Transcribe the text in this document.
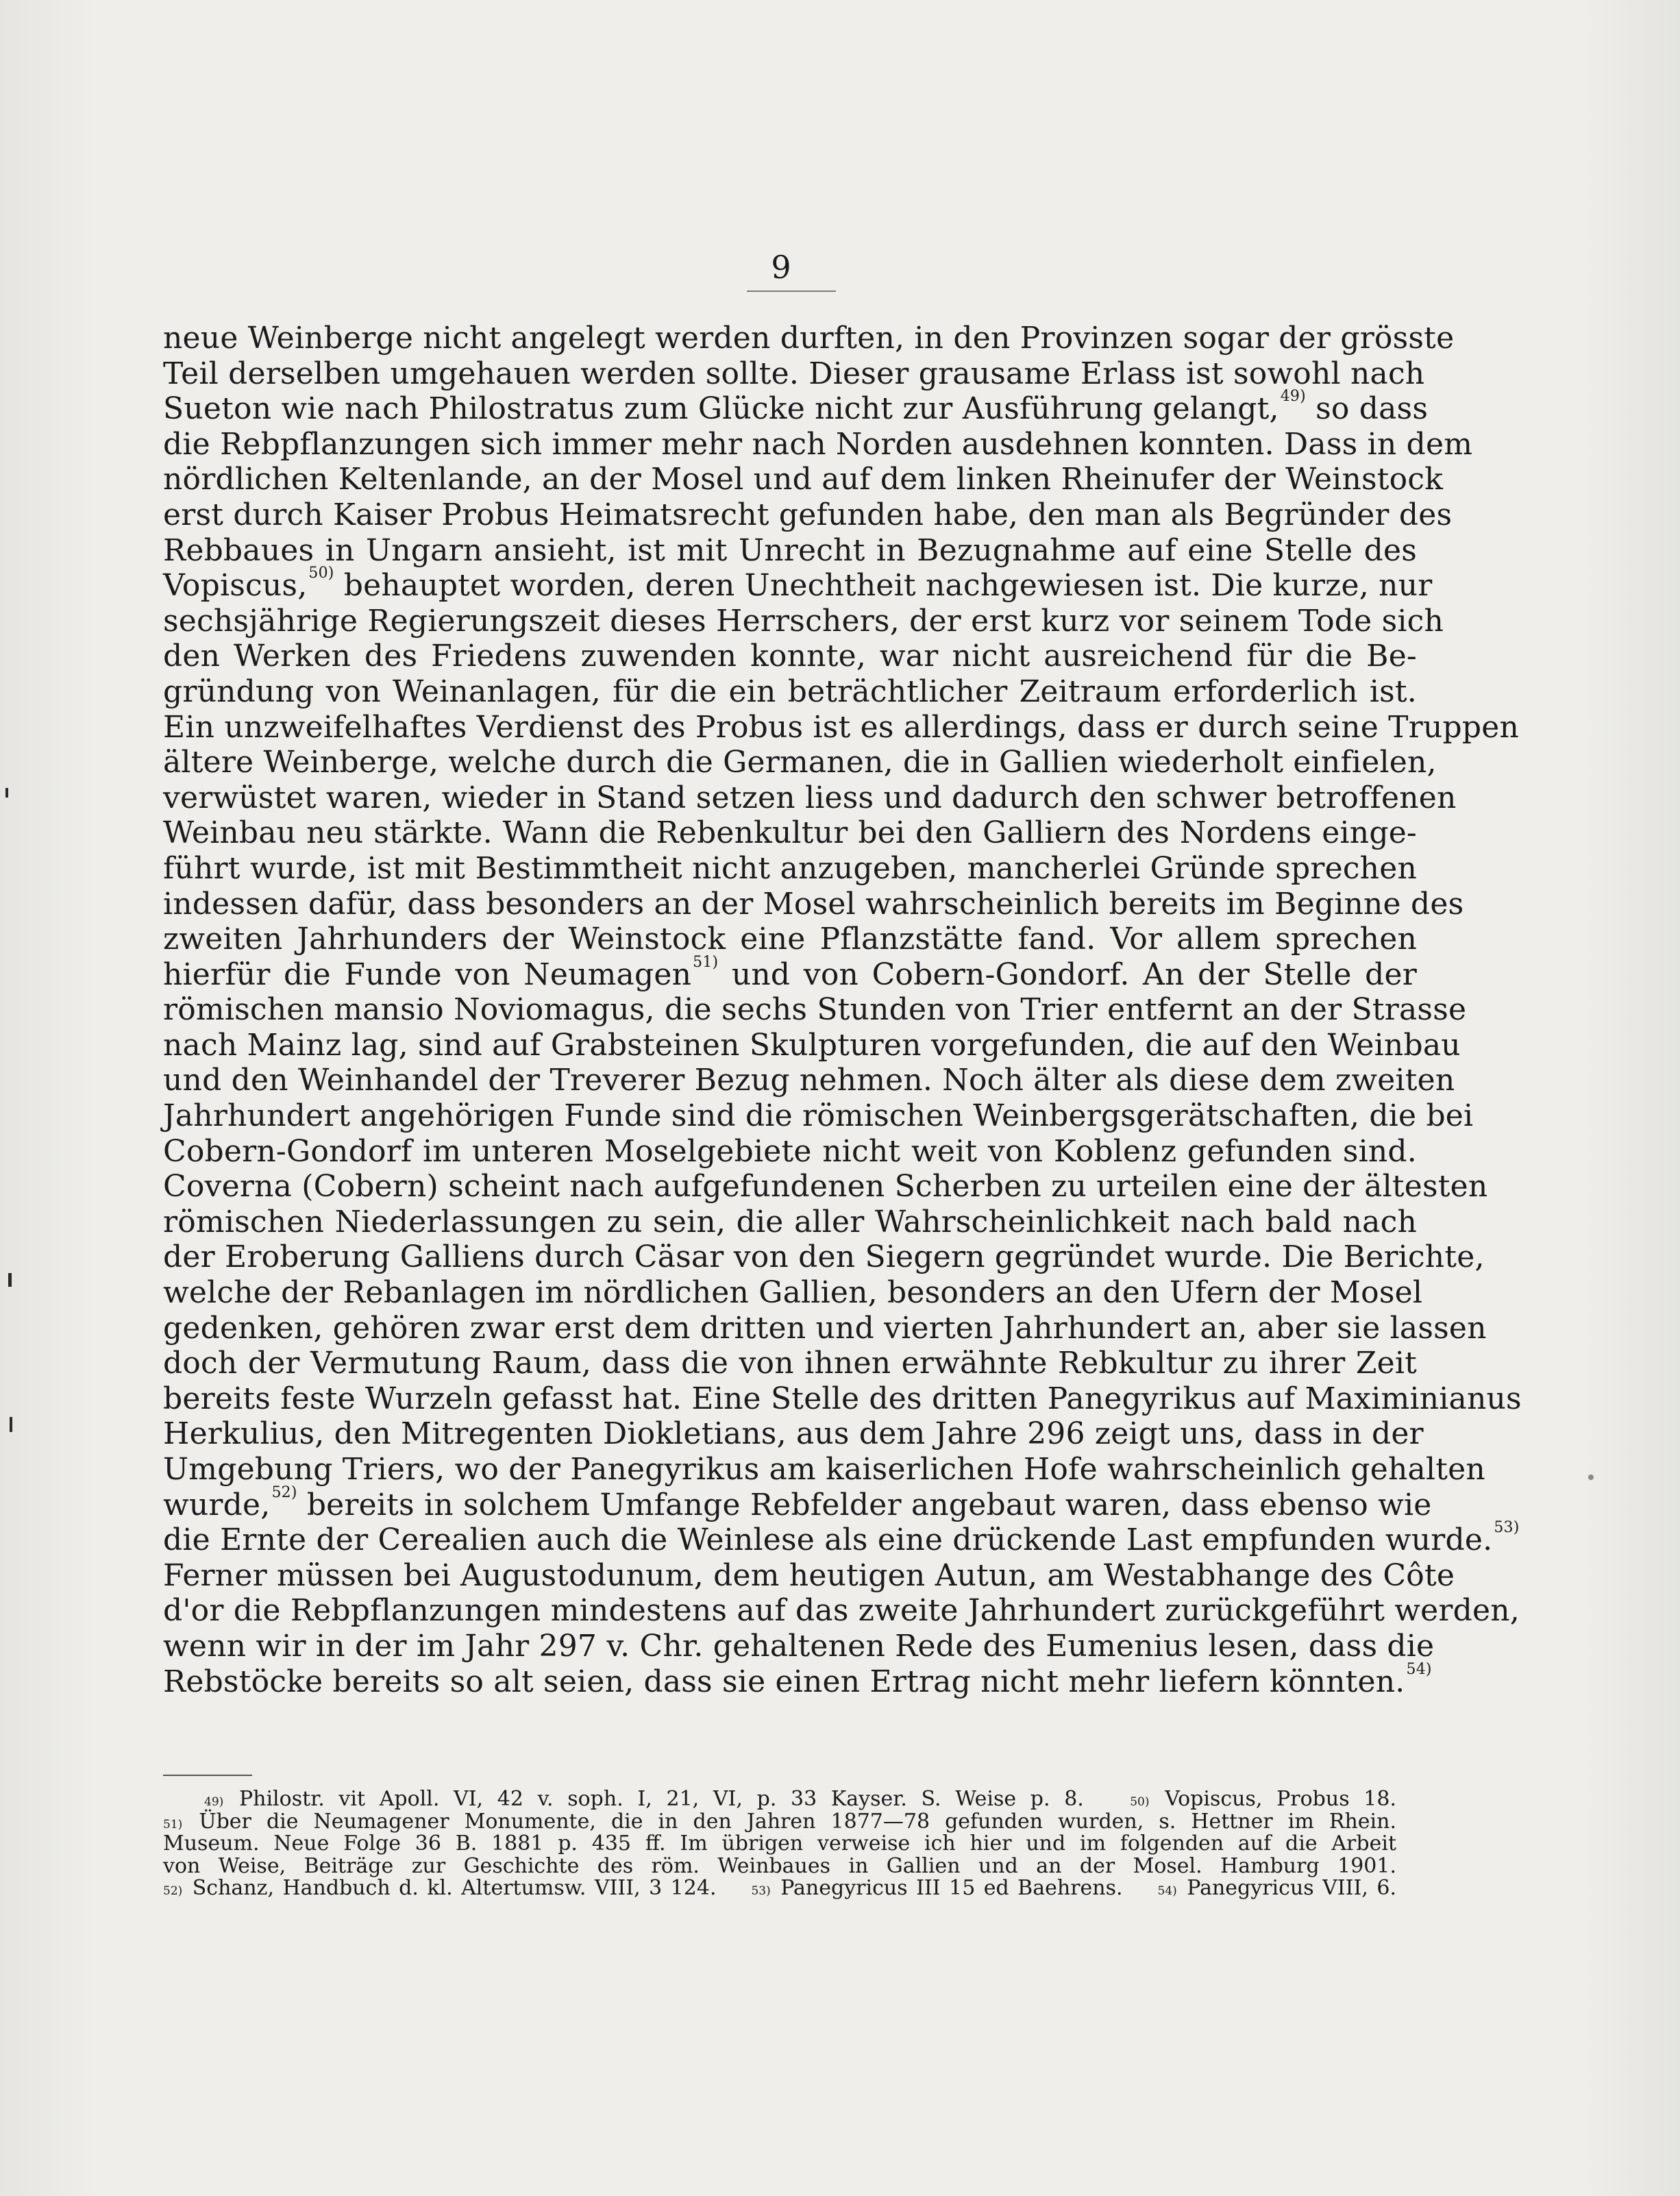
9
neue Weinberge nicht angelegt werden durften, in den Provinzen sogar der grösste
Teil derselben umgehauen werden sollte. Dieser grausame Erlass ist sowohl nach
Sueton wie nach Philostratus zum Glücke nicht zur Ausführung gelangt,$^{49)}$ so dass
die Rebpflanzungen sich immer mehr nach Norden ausdehnen konnten. Dass in dem
nördlichen Keltenlande, an der Mosel und auf dem linken Rheinufer der Weinstock
erst durch Kaiser Probus Heimatsrecht gefunden habe, den man als Begründer des
Rebbaues in Ungarn ansieht, ist mit Unrecht in Bezugnahme auf eine Stelle des
Vopiscus,$^{50)}$ behauptet worden, deren Unechtheit nachgewiesen ist. Die kurze, nur
sechsjährige Regierungszeit dieses Herrschers, der erst kurz vor seinem Tode sich
den Werken des Friedens zuwenden konnte, war nicht ausreichend für die Be-
gründung von Weinanlagen, für die ein beträchtlicher Zeitraum erforderlich ist.
Ein unzweifelhaftes Verdienst des Probus ist es allerdings, dass er durch seine Truppen
ältere Weinberge, welche durch die Germanen, die in Gallien wiederholt einfielen,
verwüstet waren, wieder in Stand setzen liess und dadurch den schwer betroffenen
Weinbau neu stärkte. Wann die Rebenkultur bei den Galliern des Nordens einge-
führt wurde, ist mit Bestimmtheit nicht anzugeben, mancherlei Gründe sprechen
indessen dafür, dass besonders an der Mosel wahrscheinlich bereits im Beginne des
zweiten Jahrhunders der Weinstock eine Pflanzstätte fand. Vor allem sprechen
hierfür die Funde von Neumagen$^{51)}$ und von Cobern-Gondorf. An der Stelle der
römischen mansio Noviomagus, die sechs Stunden von Trier entfernt an der Strasse
nach Mainz lag, sind auf Grabsteinen Skulpturen vorgefunden, die auf den Weinbau
und den Weinhandel der Treverer Bezug nehmen. Noch älter als diese dem zweiten
Jahrhundert angehörigen Funde sind die römischen Weinbergsgerätschaften, die bei
Cobern-Gondorf im unteren Moselgebiete nicht weit von Koblenz gefunden sind.
Coverna (Cobern) scheint nach aufgefundenen Scherben zu urteilen eine der ältesten
römischen Niederlassungen zu sein, die aller Wahrscheinlichkeit nach bald nach
der Eroberung Galliens durch Cäsar von den Siegern gegründet wurde. Die Berichte,
welche der Rebanlagen im nördlichen Gallien, besonders an den Ufern der Mosel
gedenken, gehören zwar erst dem dritten und vierten Jahrhundert an, aber sie lassen
doch der Vermutung Raum, dass die von ihnen erwähnte Rebkultur zu ihrer Zeit
bereits feste Wurzeln gefasst hat. Eine Stelle des dritten Panegyrikus auf Maximinianus
Herkulius, den Mitregenten Diokletians, aus dem Jahre 296 zeigt uns, dass in der
Umgebung Triers, wo der Panegyrikus am kaiserlichen Hofe wahrscheinlich gehalten
wurde,$^{52)}$ bereits in solchem Umfange Rebfelder angebaut waren, dass ebenso wie
die Ernte der Cerealien auch die Weinlese als eine drückende Last empfunden wurde.$^{53)}$
Ferner müssen bei Augustodunum, dem heutigen Autun, am Westabhange des Côte
d'or die Rebpflanzungen mindestens auf das zweite Jahrhundert zurückgeführt werden,
wenn wir in der im Jahr 297 v. Chr. gehaltenen Rede des Eumenius lesen, dass die
Rebstöcke bereits so alt seien, dass sie einen Ertrag nicht mehr liefern könnten.$^{54)}$
$^{49)}$ Philostr. vit Apoll. VI, 42 v. soph. I, 21, VI, p. 33 Kayser. S. Weise p. 8.	$^{50)}$ Vopiscus, Probus 18.
$^{51)}$ Über die Neumagener Monumente, die in den Jahren 1877—78 gefunden wurden, s. Hettner im Rhein.
Museum. Neue Folge 36 B. 1881 p. 435 ff. Im übrigen verweise ich hier und im folgenden auf die Arbeit
von Weise, Beiträge zur Geschichte des röm. Weinbaues in Gallien und an der Mosel. Hamburg 1901.
$^{52)}$ Schanz, Handbuch d. kl. Altertumsw. VIII, 3 124.	$^{53)}$ Panegyricus III 15 ed Baehrens.	$^{54)}$ Panegyricus VIII, 6.
